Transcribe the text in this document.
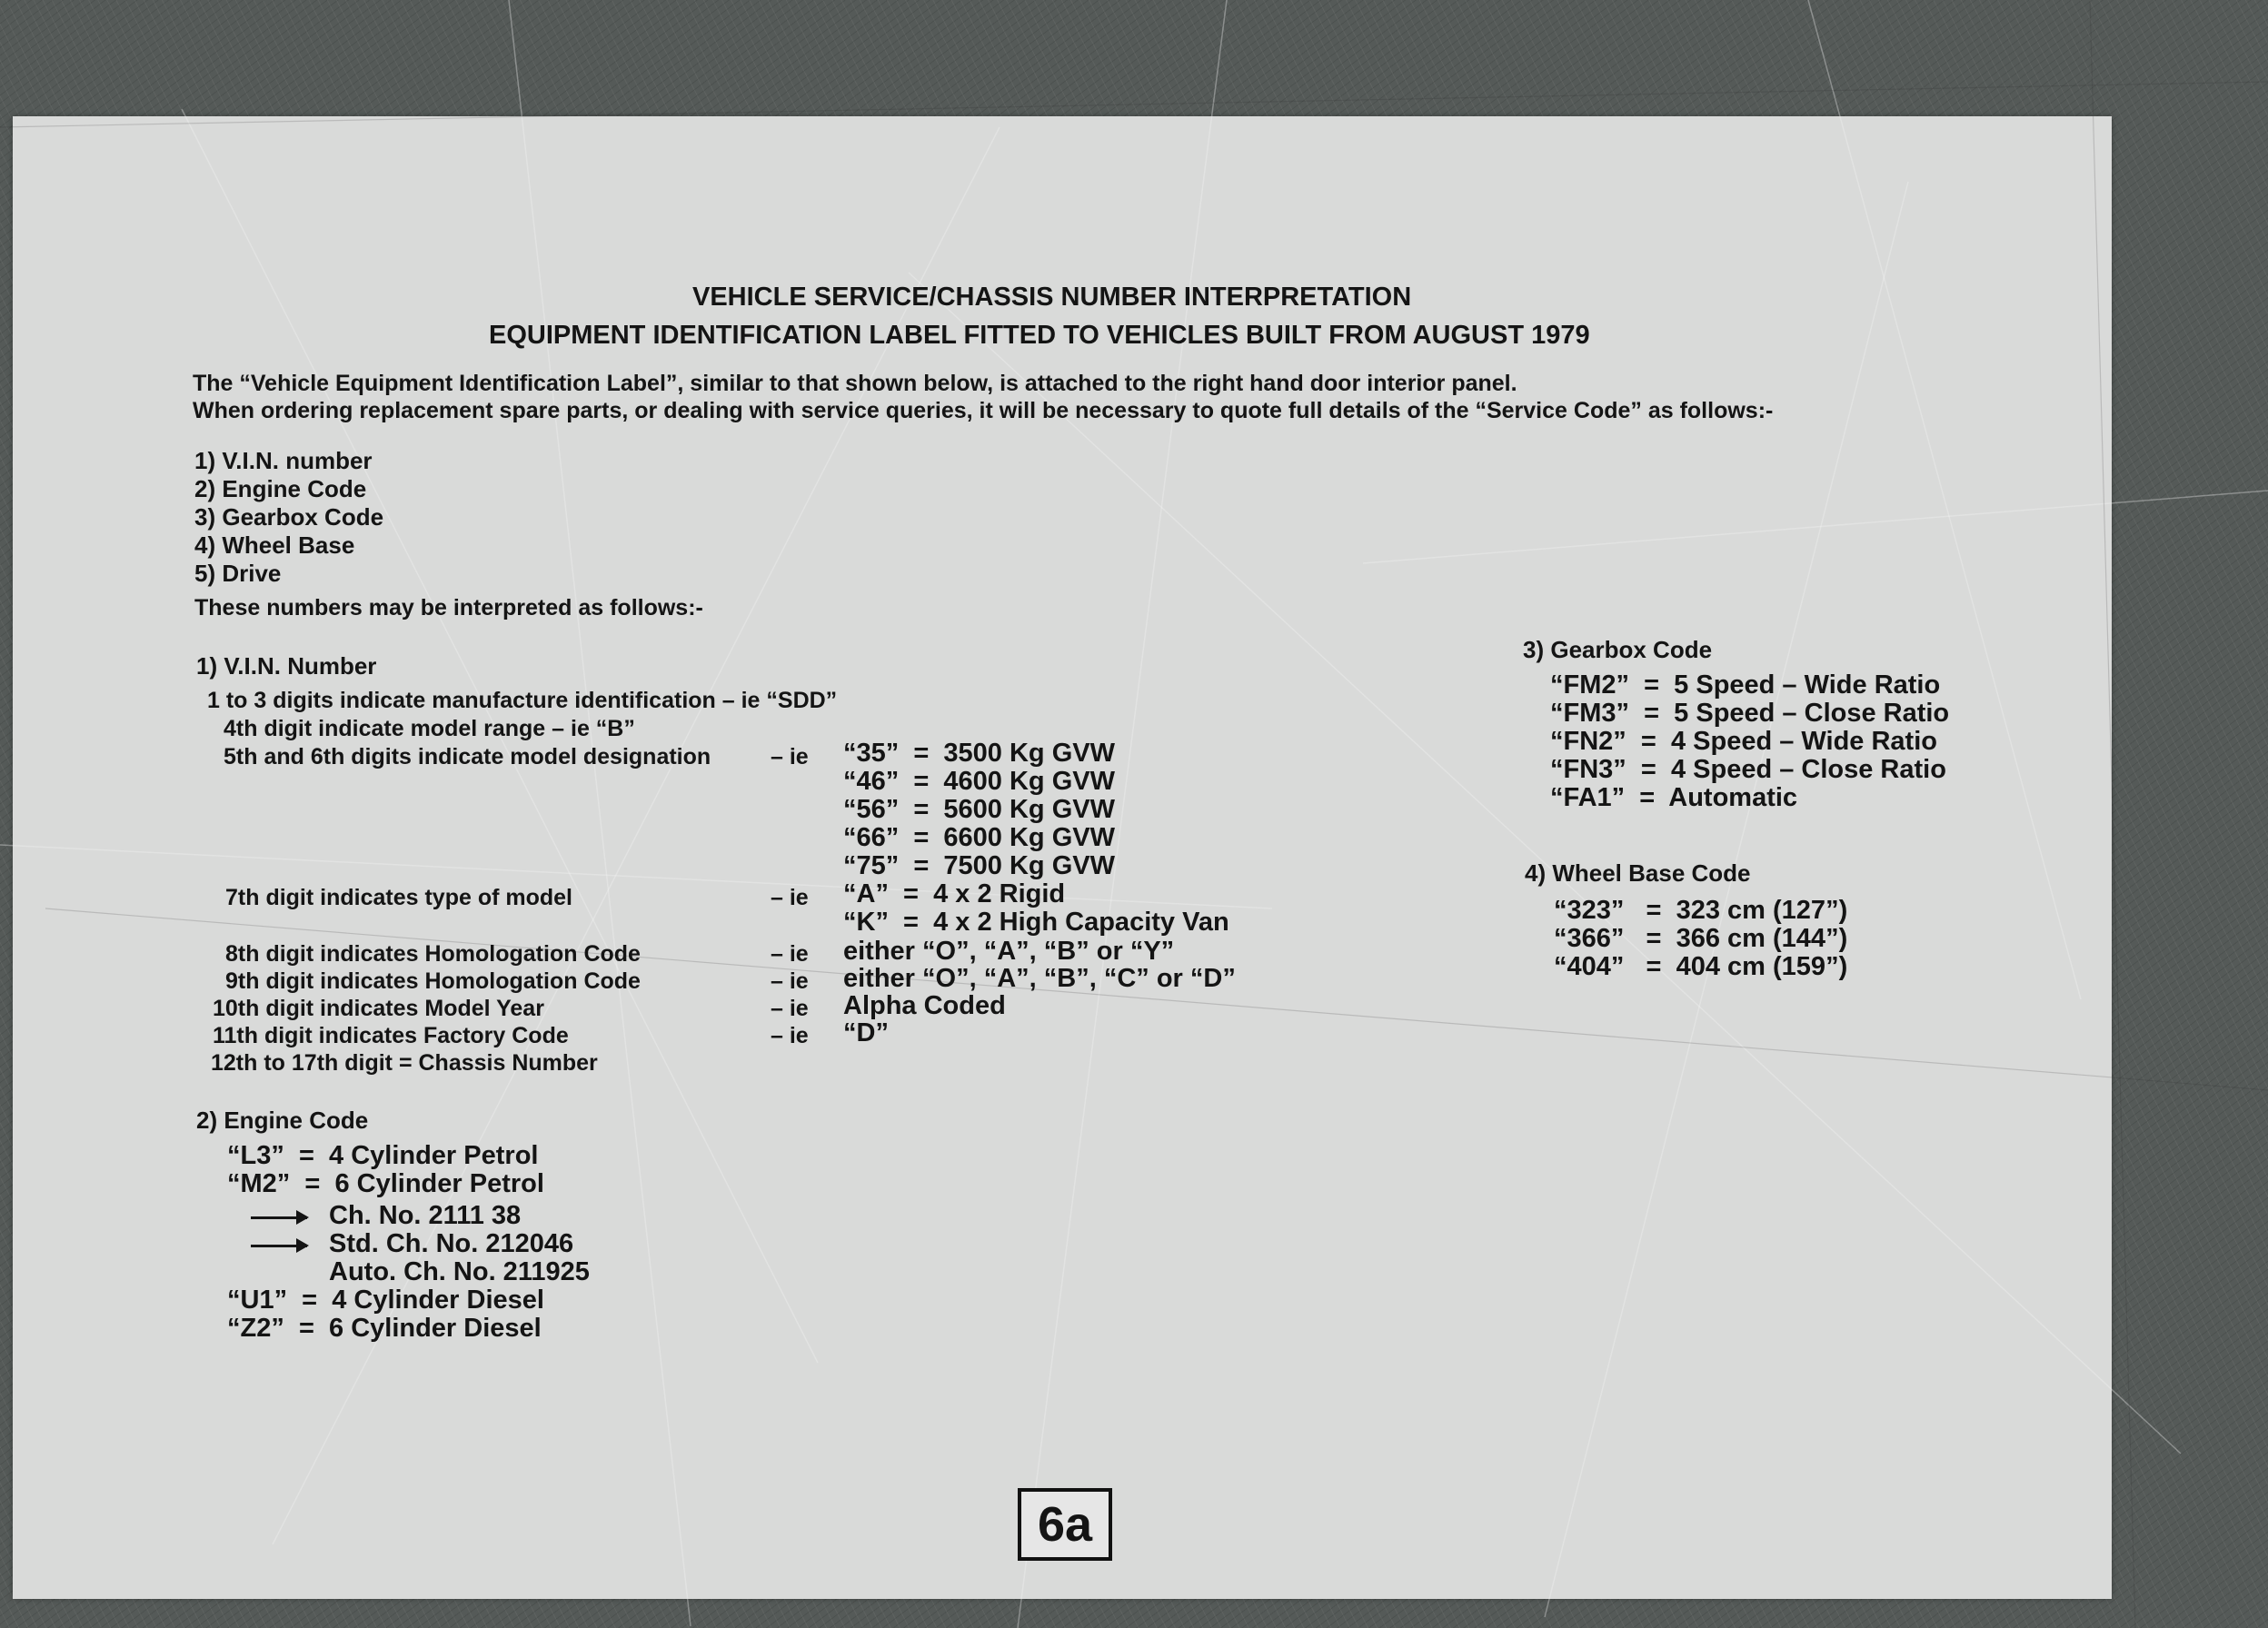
VEHICLE SERVICE/CHASSIS NUMBER INTERPRETATION
EQUIPMENT IDENTIFICATION LABEL FITTED TO VEHICLES BUILT FROM AUGUST 1979
The “Vehicle Equipment Identification Label”, similar to that shown below, is attached to the right hand door interior panel.
When ordering replacement spare parts, or dealing with service queries, it will be necessary to quote full details of the “Service Code” as follows:-
1) V.I.N. number
2) Engine Code
3) Gearbox Code
4) Wheel Base
5) Drive
These numbers may be interpreted as follows:-
1) V.I.N. Number
1 to 3 digits indicate manufacture identification – ie “SDD”
4th digit indicate model range – ie “B”
5th and 6th digits indicate model designation	– ie “35”  =  3500 Kg GVW
“46”  =  4600 Kg GVW
“56”  =  5600 Kg GVW
“66”  =  6600 Kg GVW
“75”  =  7500 Kg GVW
7th digit indicates type of model	– ie “A”  =  4 x 2 Rigid
“K”  =  4 x 2 High Capacity Van
8th digit indicates Homologation Code	– ie either “O”, “A”, “B” or “Y”
9th digit indicates Homologation Code	– ie either “O”, “A”, “B”, “C” or “D”
10th digit indicates Model Year	– ie Alpha Coded
11th digit indicates Factory Code	– ie “D”
12th to 17th digit = Chassis Number
2) Engine Code
“L3”  =  4 Cylinder Petrol
“M2”  =  6 Cylinder Petrol
Ch. No. 2111 38
Std. Ch. No. 212046
Auto. Ch. No. 211925
“U1”  =  4 Cylinder Diesel
“Z2”  =  6 Cylinder Diesel
3) Gearbox Code
“FM2”  =  5 Speed – Wide Ratio
“FM3”  =  5 Speed – Close Ratio
“FN2”  =  4 Speed – Wide Ratio
“FN3”  =  4 Speed – Close Ratio
“FA1”  =  Automatic
4) Wheel Base Code
“323”   =  323 cm (127”)
“366”   =  366 cm (144”)
“404”   =  404 cm (159”)
6a
